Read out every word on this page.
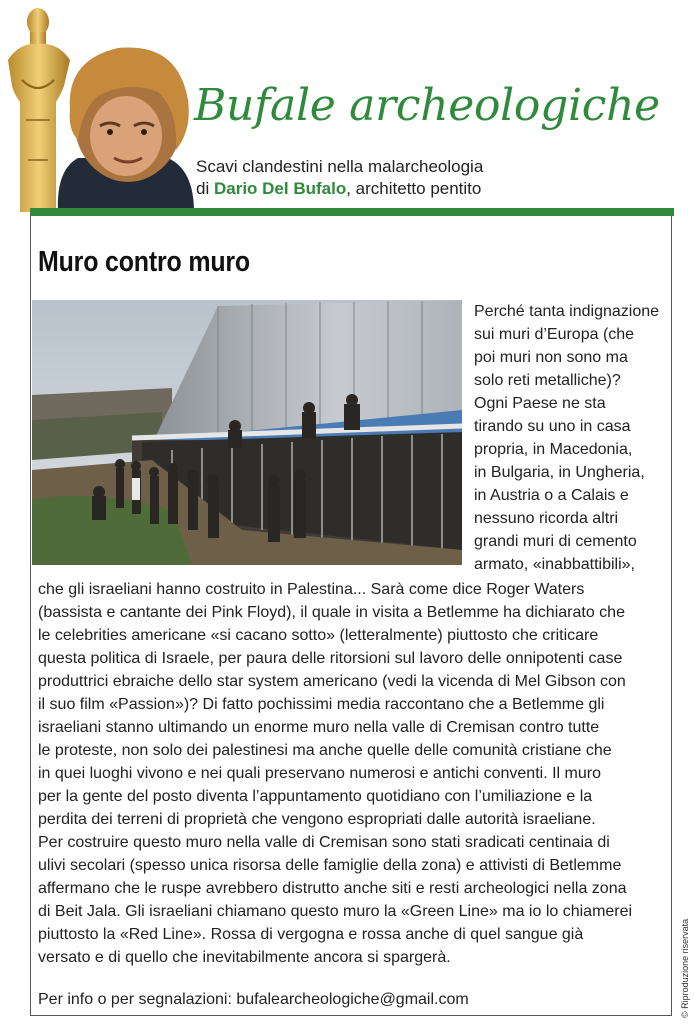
Bufale archeologiche
Scavi clandestini nella malarcheologia
di Dario Del Bufalo, architetto pentito
Muro contro muro
Perché tanta indignazione
sui muri d’Europa (che
poi muri non sono ma
solo reti metalliche)?
Ogni Paese ne sta
tirando su uno in casa
propria, in Macedonia,
in Bulgaria, in Ungheria,
in Austria o a Calais e
nessuno ricorda altri
grandi muri di cemento
armato, «inabbattibili»,
che gli israeliani hanno costruito in Palestina... Sarà come dice Roger Waters
(bassista e cantante dei Pink Floyd), il quale in visita a Betlemme ha dichiarato che
le celebrities americane «si cacano sotto» (letteralmente) piuttosto che criticare
questa politica di Israele, per paura delle ritorsioni sul lavoro delle onnipotenti case
produttrici ebraiche dello star system americano (vedi la vicenda di Mel Gibson con
il suo film «Passion»)? Di fatto pochissimi media raccontano che a Betlemme gli
israeliani stanno ultimando un enorme muro nella valle di Cremisan contro tutte
le proteste, non solo dei palestinesi ma anche quelle delle comunità cristiane che
in quei luoghi vivono e nei quali preservano numerosi e antichi conventi. Il muro
per la gente del posto diventa l’appuntamento quotidiano con l’umiliazione e la
perdita dei terreni di proprietà che vengono espropriati dalle autorità israeliane.
Per costruire questo muro nella valle di Cremisan sono stati sradicati centinaia di
ulivi secolari (spesso unica risorsa delle famiglie della zona) e attivisti di Betlemme
affermano che le ruspe avrebbero distrutto anche siti e resti archeologici nella zona
di Beit Jala. Gli israeliani chiamano questo muro la «Green Line» ma io lo chiamerei
piuttosto la «Red Line». Rossa di vergogna e rossa anche di quel sangue già
versato e di quello che inevitabilmente ancora si spargerà.
Per info o per segnalazioni: bufalearcheologiche@gmail.com	© Riproduzione riservata
